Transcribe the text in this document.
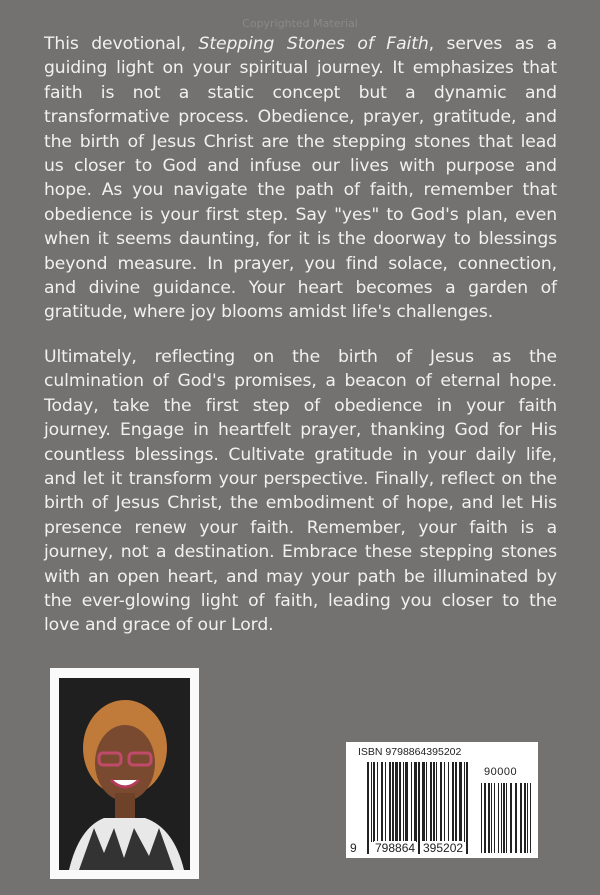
Copyrighted Material
This devotional, Stepping Stones of Faith, serves as a
guiding light on your spiritual journey. It emphasizes that
faith is not a static concept but a dynamic and
transformative process. Obedience, prayer, gratitude, and
the birth of Jesus Christ are the stepping stones that lead
us closer to God and infuse our lives with purpose and
hope. As you navigate the path of faith, remember that
obedience is your first step. Say "yes" to God's plan, even
when it seems daunting, for it is the doorway to blessings
beyond measure. In prayer, you find solace, connection,
and divine guidance. Your heart becomes a garden of
gratitude, where joy blooms amidst life's challenges.
Ultimately, reflecting on the birth of Jesus as the
culmination of God's promises, a beacon of eternal hope.
Today, take the first step of obedience in your faith
journey. Engage in heartfelt prayer, thanking God for His
countless blessings. Cultivate gratitude in your daily life,
and let it transform your perspective. Finally, reflect on the
birth of Jesus Christ, the embodiment of hope, and let His
presence renew your faith. Remember, your faith is a
journey, not a destination. Embrace these stepping stones
with an open heart, and may your path be illuminated by
the ever-glowing light of faith, leading you closer to the
love and grace of our Lord.
ISBN 9798864395202
90000
9 798864 395202
